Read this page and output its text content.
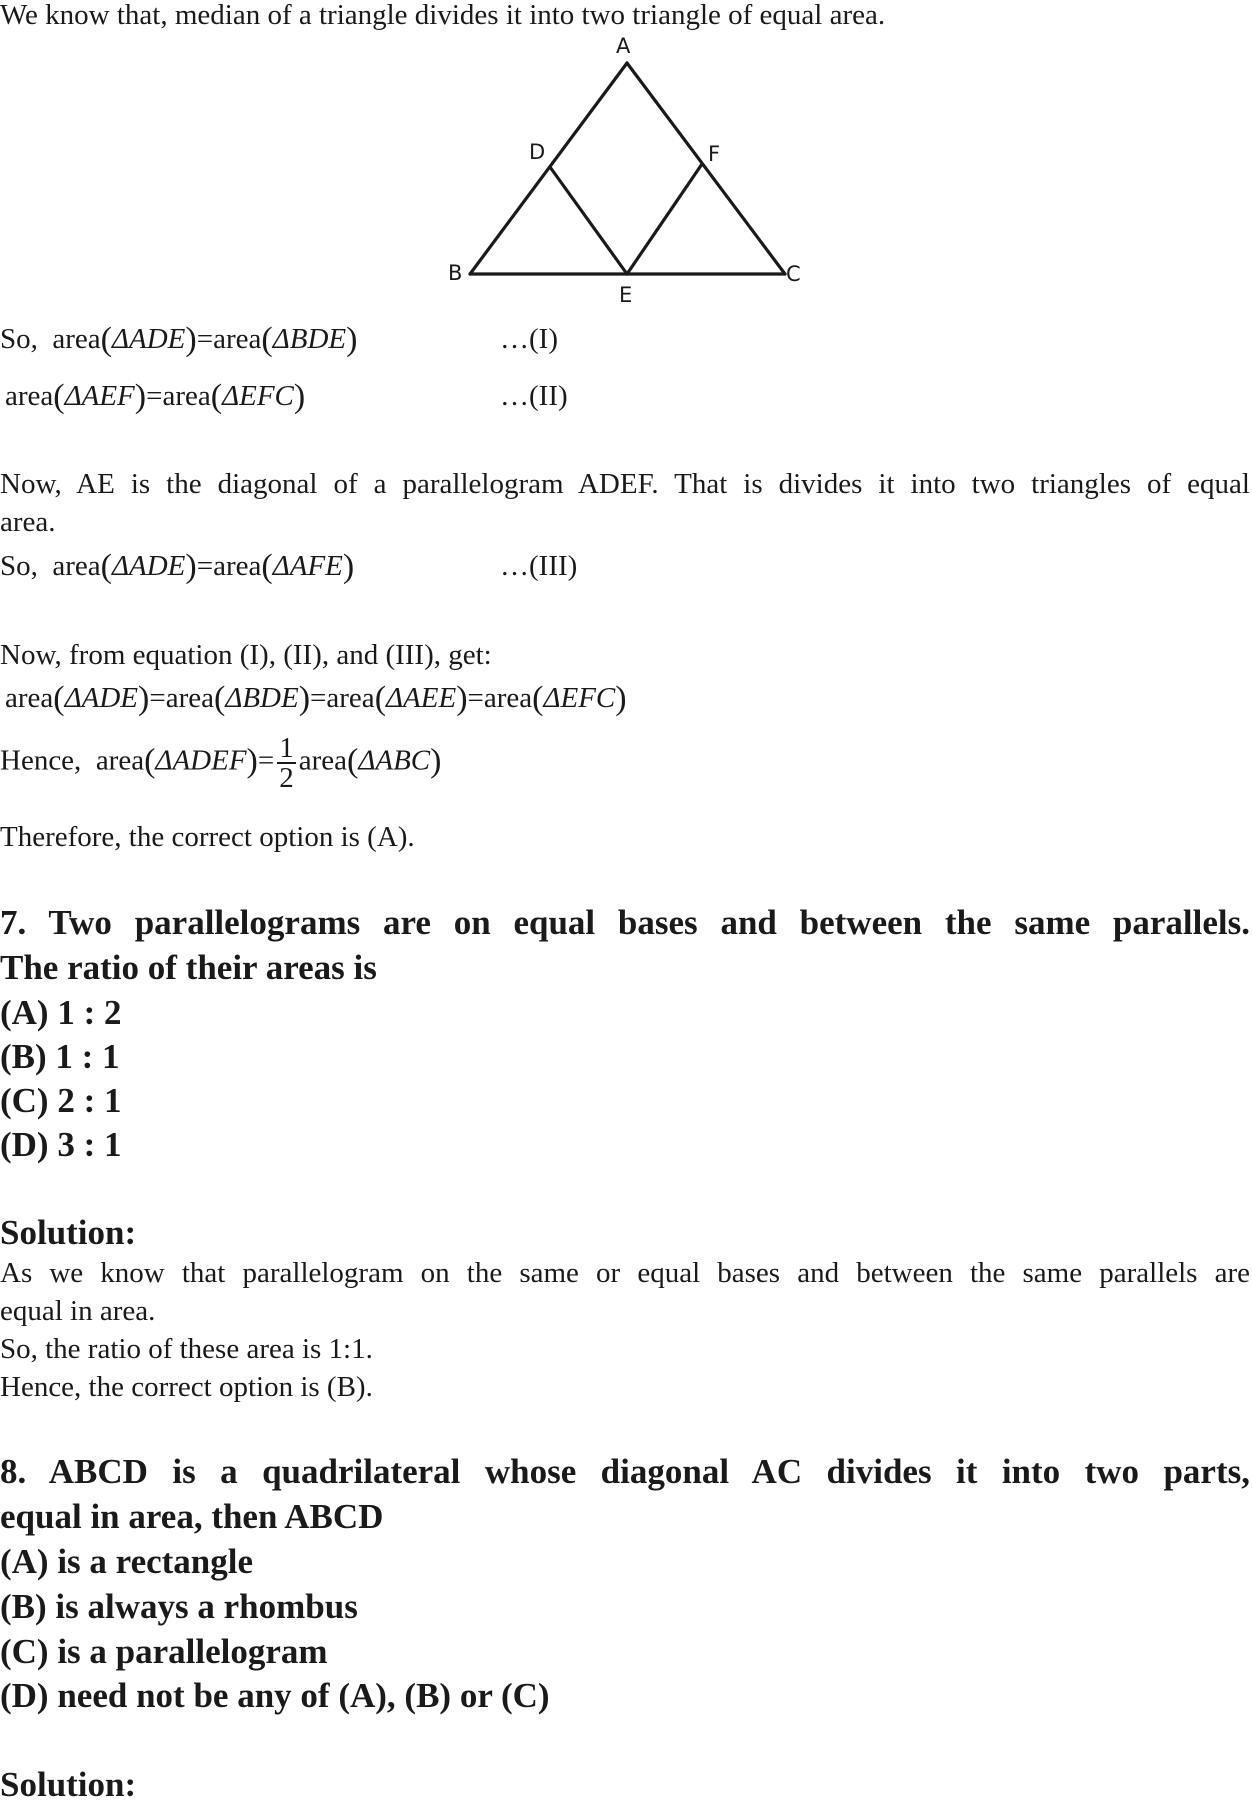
We know that, median of a triangle divides it into two triangle of equal area.
A
D	F
B	C
E
So, area(ΔADE)=area(ΔBDE)	…(I)
area(ΔAEF)=area(ΔEFC)	…(II)
Now, AE is the diagonal of a parallelogram ADEF. That is divides it into two triangles of equal
area.
So, area(ΔADE)=area(ΔAFE)	…(III)
Now, from equation (I), (II), and (III), get:
area(ΔADE)=area(ΔBDE)=area(ΔAEE)=area(ΔEFC)
Hence, area(ΔADEF)= $\frac{1}{2}$ area(ΔABC)
Therefore, the correct option is (A).
7. Two parallelograms are on equal bases and between the same parallels.
The ratio of their areas is
(A) 1 : 2
(B) 1 : 1
(C) 2 : 1
(D) 3 : 1
Solution:
As we know that parallelogram on the same or equal bases and between the same parallels are
equal in area.
So, the ratio of these area is 1:1.
Hence, the correct option is (B).
8. ABCD is a quadrilateral whose diagonal AC divides it into two parts,
equal in area, then ABCD
(A) is a rectangle
(B) is always a rhombus
(C) is a parallelogram
(D) need not be any of (A), (B) or (C)
Solution:
